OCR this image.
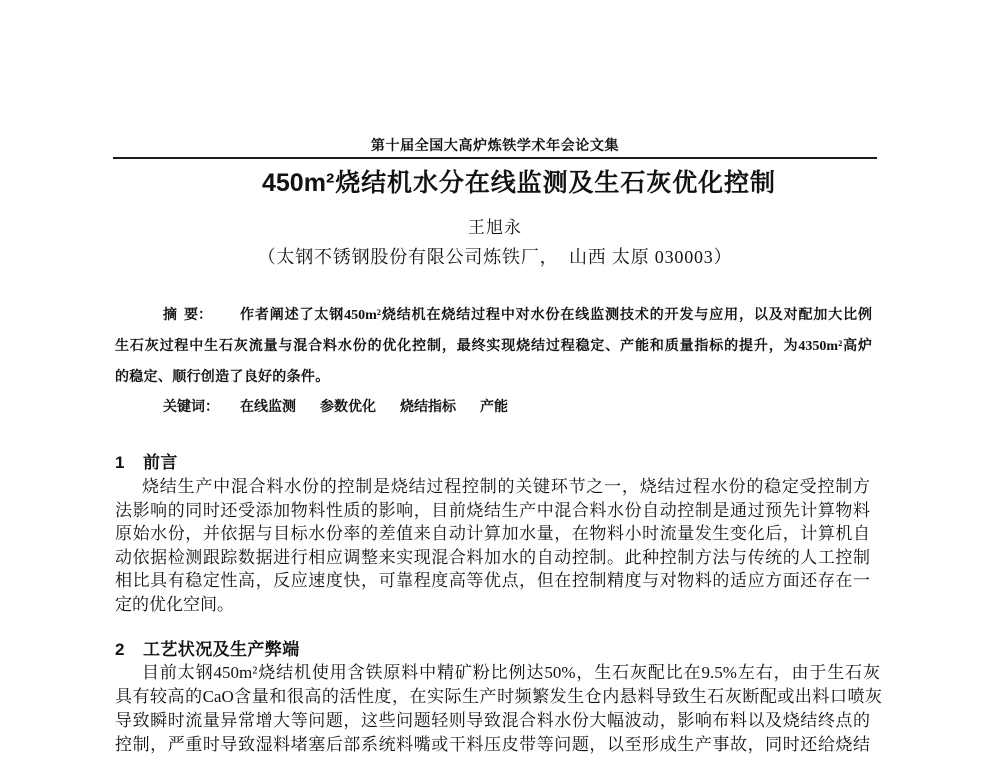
第十届全国大高炉炼铁学术年会论文集
450m²烧结机水分在线监测及生石灰优化控制
王旭永
（太钢不锈钢股份有限公司炼铁厂，  山西 太原 030003）
摘  要： 作者阐述了太钢450m²烧结机在烧结过程中对水份在线监测技术的开发与应用，以及对配加大比例
生石灰过程中生石灰流量与混合料水份的优化控制，最终实现烧结过程稳定、产能和质量指标的提升，为4350m²高炉
的稳定、顺行创造了良好的条件。
关键词： 在线监测 参数优化 烧结指标 产能
1 前言
烧结生产中混合料水份的控制是烧结过程控制的关键环节之一，烧结过程水份的稳定受控制方
法影响的同时还受添加物料性质的影响，目前烧结生产中混合料水份自动控制是通过预先计算物料
原始水份，并依据与目标水份率的差值来自动计算加水量，在物料小时流量发生变化后，计算机自
动依据检测跟踪数据进行相应调整来实现混合料加水的自动控制。此种控制方法与传统的人工控制
相比具有稳定性高，反应速度快，可靠程度高等优点，但在控制精度与对物料的适应方面还存在一
定的优化空间。
2 工艺状况及生产弊端
目前太钢450m²烧结机使用含铁原料中精矿粉比例达50%，生石灰配比在9.5%左右，由于生石灰
具有较高的CaO含量和很高的活性度，在实际生产时频繁发生仓内悬料导致生石灰断配或出料口喷灰
导致瞬时流量异常增大等问题，这些问题轻则导致混合料水份大幅波动，影响布料以及烧结终点的
控制，严重时导致湿料堵塞后部系统料嘴或干料压皮带等问题，以至形成生产事故，同时还给烧结
